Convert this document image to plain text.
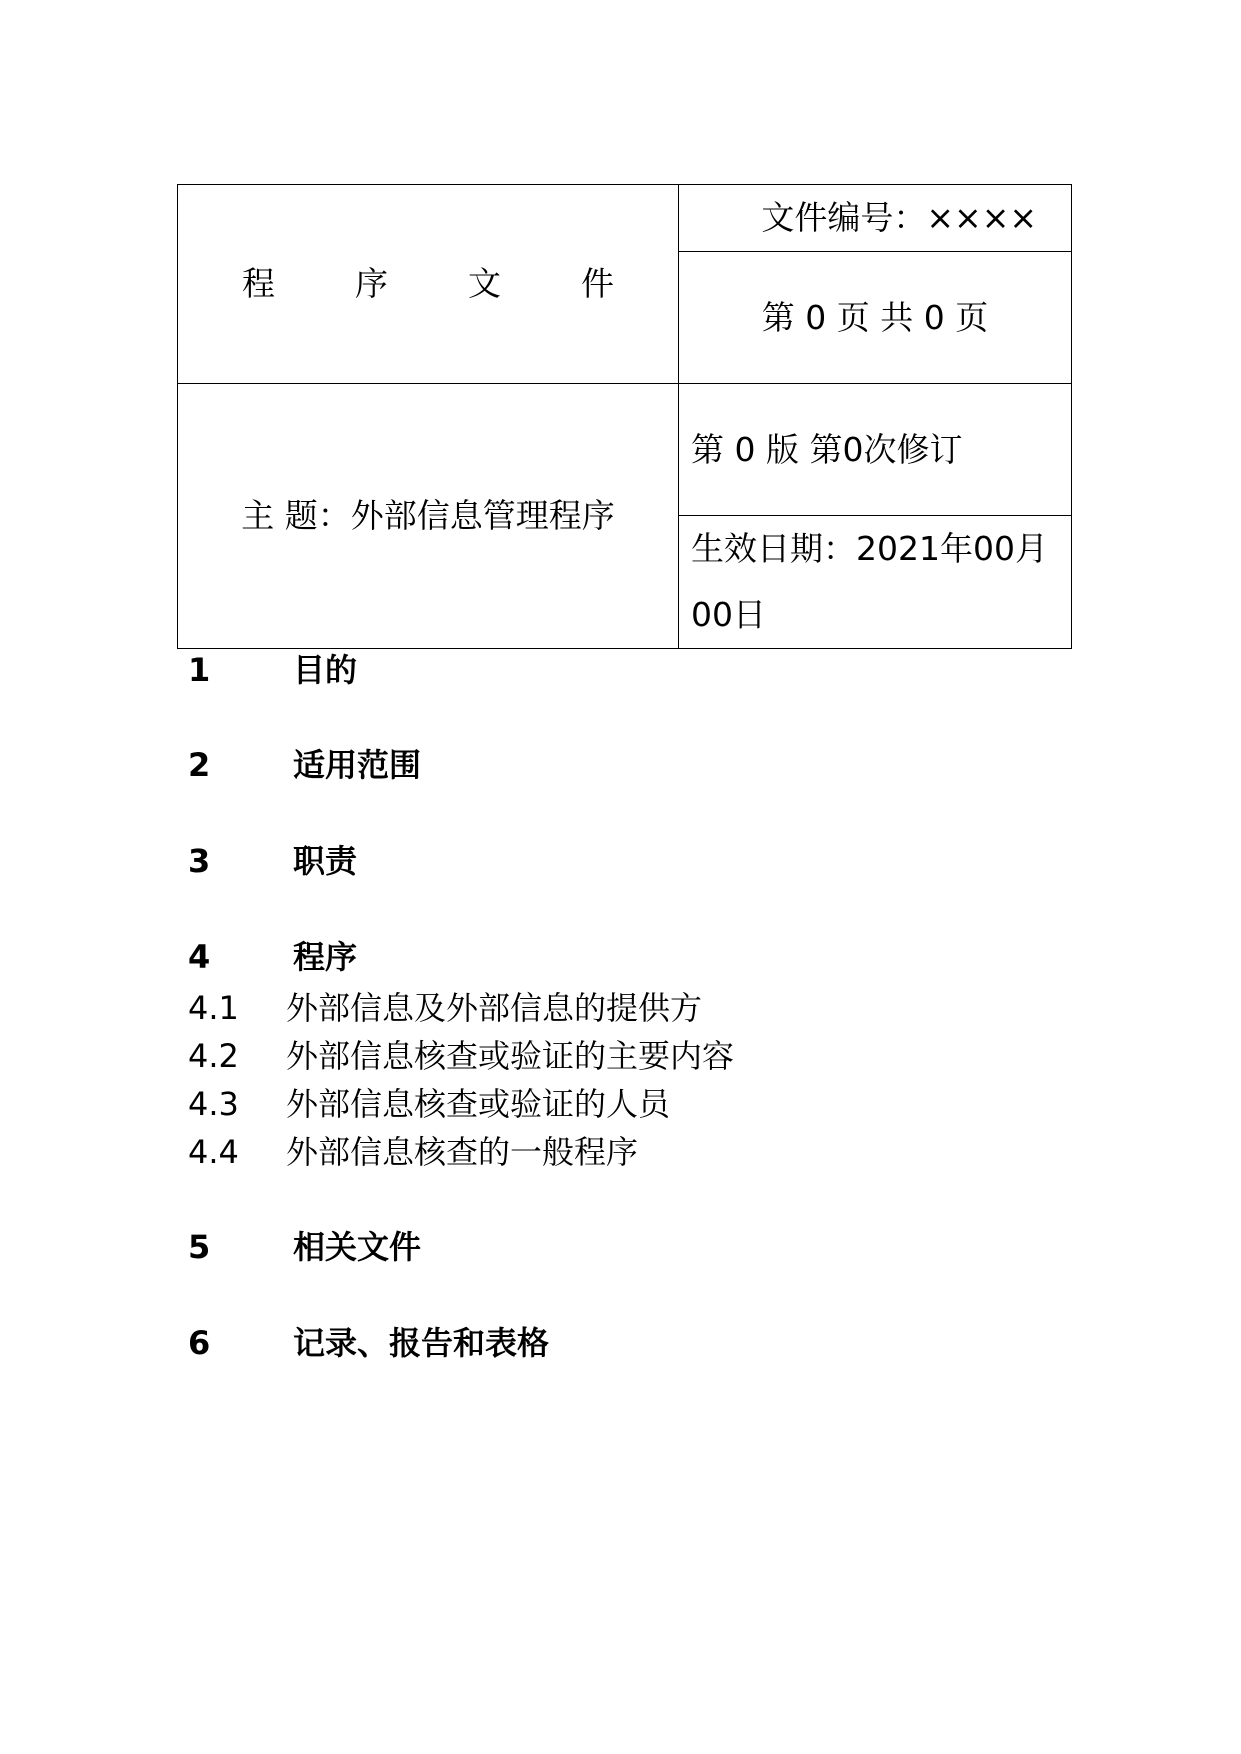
程 序 文 件	文件编号：××××

	第 0 页 共 0 页

主 题：外部信息管理程序	第 0 版 第0次修订

	生效日期：2021年00月00日
1	目的
2	适用范围
3	职责
4	程序
4.1 外部信息及外部信息的提供方
4.2 外部信息核查或验证的主要内容
4.3 外部信息核查或验证的人员
4.4 外部信息核查的一般程序
5	相关文件
6	记录、报告和表格
